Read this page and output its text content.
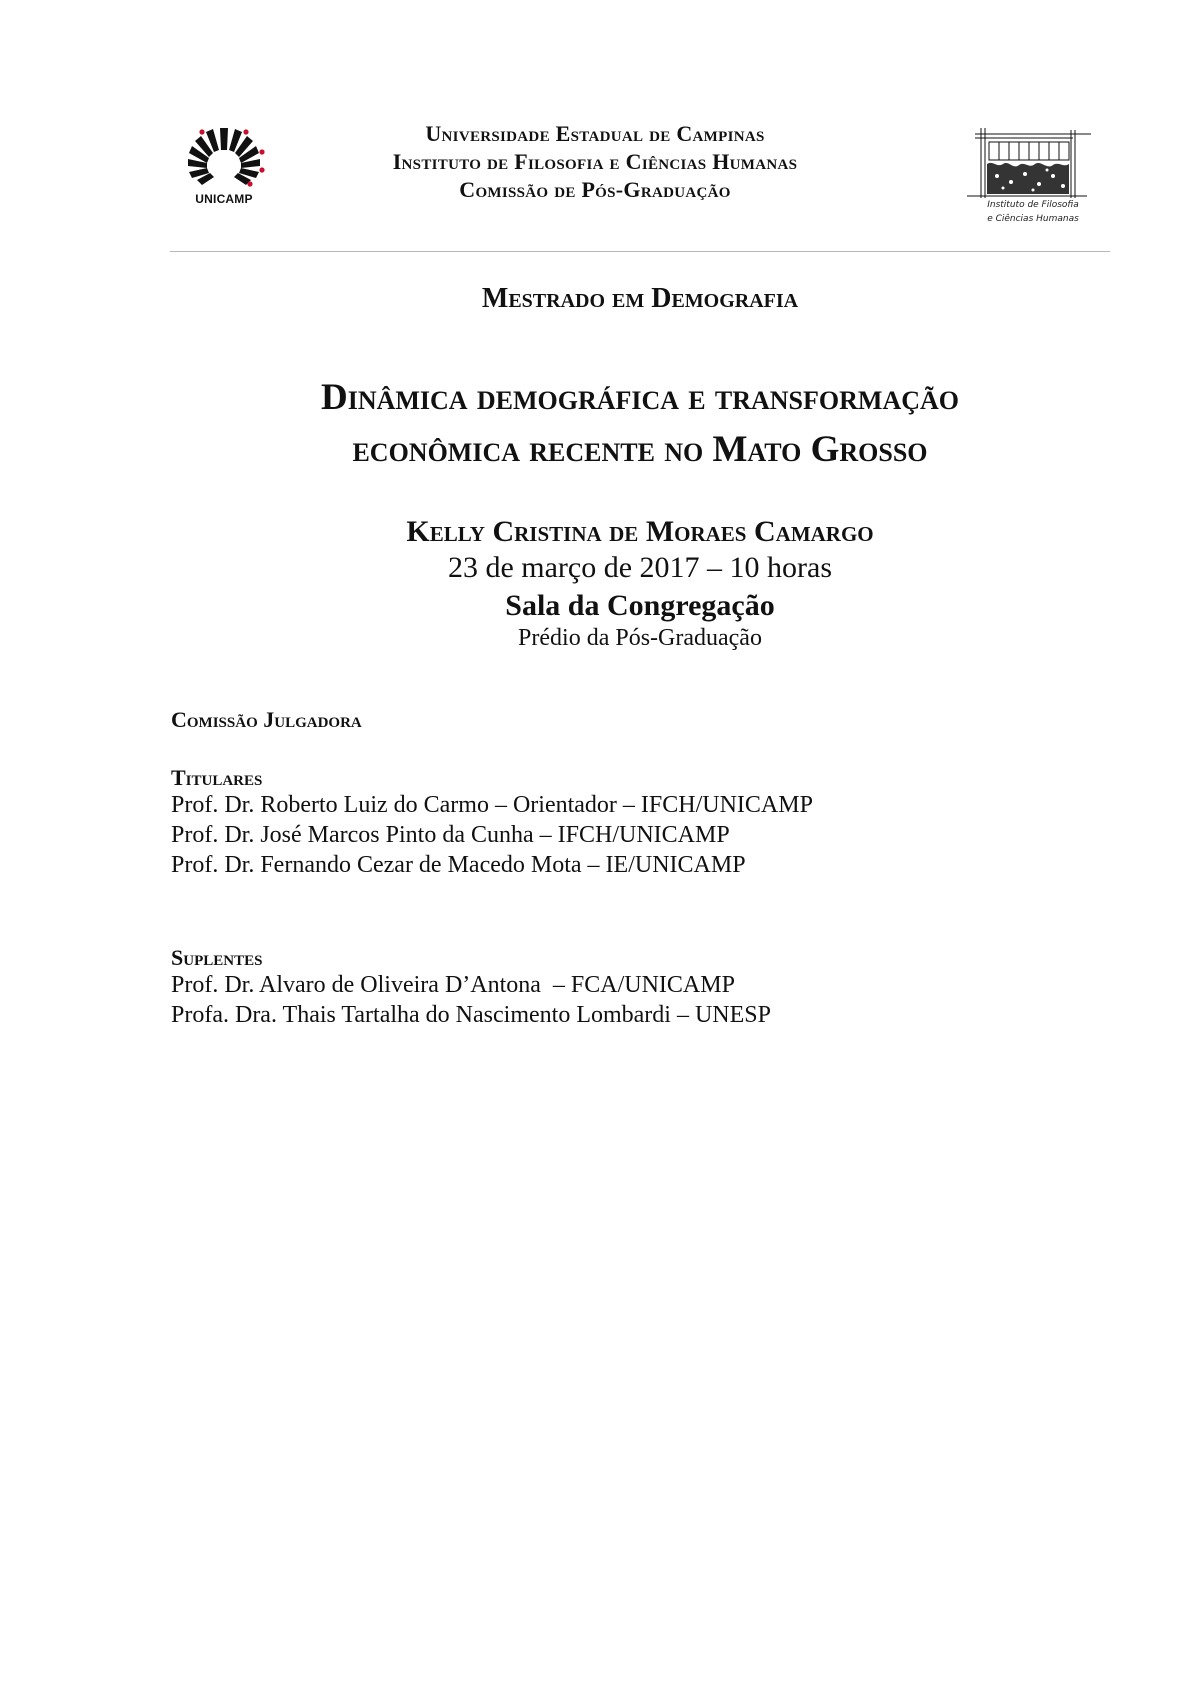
UNICAMP
Universidade Estadual de Campinas
Instituto de Filosofia e Ciências Humanas
Comissão de Pós-Graduação
Instituto de Filosofia
e Ciências Humanas
Mestrado em Demografia
Dinâmica demográfica e transformação
econômica recente no Mato Grosso
Kelly Cristina de Moraes Camargo
23 de março de 2017 – 10 horas
Sala da Congregação
Prédio da Pós-Graduação
Comissão Julgadora
Titulares
Prof. Dr. Roberto Luiz do Carmo – Orientador – IFCH/UNICAMP
Prof. Dr. José Marcos Pinto da Cunha – IFCH/UNICAMP
Prof. Dr. Fernando Cezar de Macedo Mota – IE/UNICAMP
Suplentes
Prof. Dr. Alvaro de Oliveira D’Antona  – FCA/UNICAMP
Profa. Dra. Thais Tartalha do Nascimento Lombardi – UNESP
